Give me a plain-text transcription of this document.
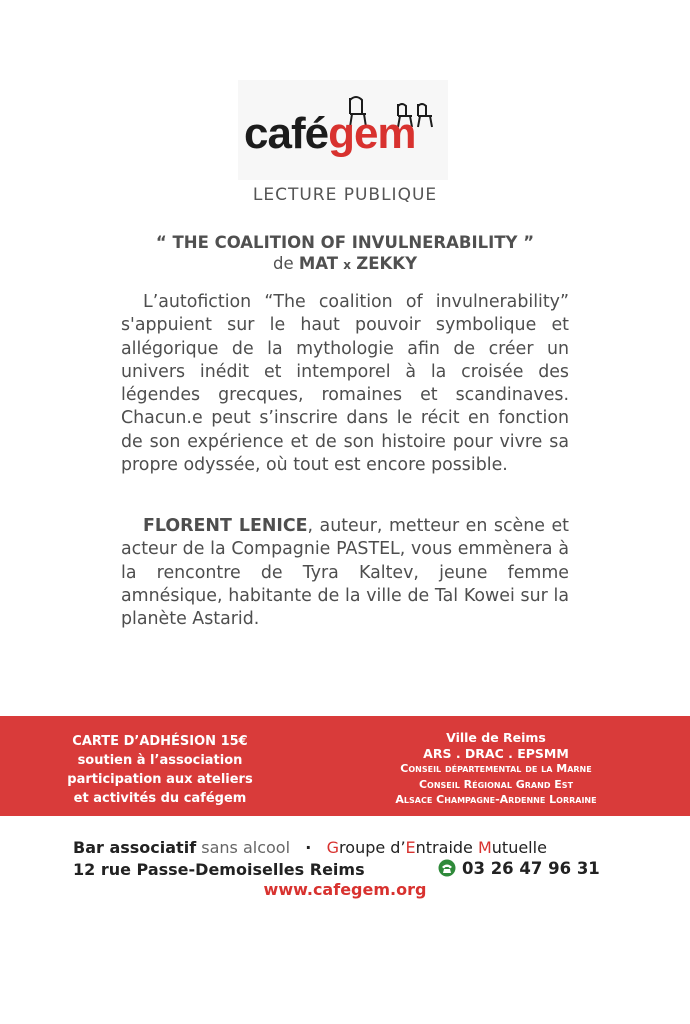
cafégem
LECTURE PUBLIQUE
“ THE COALITION OF INVULNERABILITY ”
de MAT x ZEKKY
L’autofiction “The coalition of invulnerability” s'appuient sur le haut pouvoir symbolique et allégorique de la mythologie afin de créer un univers inédit et intemporel à la croisée des légendes grecques, romaines et scandinaves. Chacun.e peut s’inscrire dans le récit en fonction de son expérience et de son histoire pour vivre sa propre odyssée, où tout est encore possible.
FLORENT LENICE, auteur, metteur en scène et acteur de la Compagnie PASTEL, vous emmènera à la rencontre de Tyra Kaltev, jeune femme amnésique, habitante de la ville de Tal Kowei sur la planète Astarid.
CARTE D’ADHÉSION 15€
soutien à l’association
participation aux ateliers
et activités du cafégem
Ville de Reims
ARS . DRAC . EPSMM
Conseil départemental de la Marne
Conseil Régional Grand Est
Alsace Champagne-Ardenne Lorraine
Bar associatif sans alcool · Groupe d’Entraide Mutuelle
12 rue Passe-Demoiselles Reims	03 26 47 96 31
www.cafegem.org
